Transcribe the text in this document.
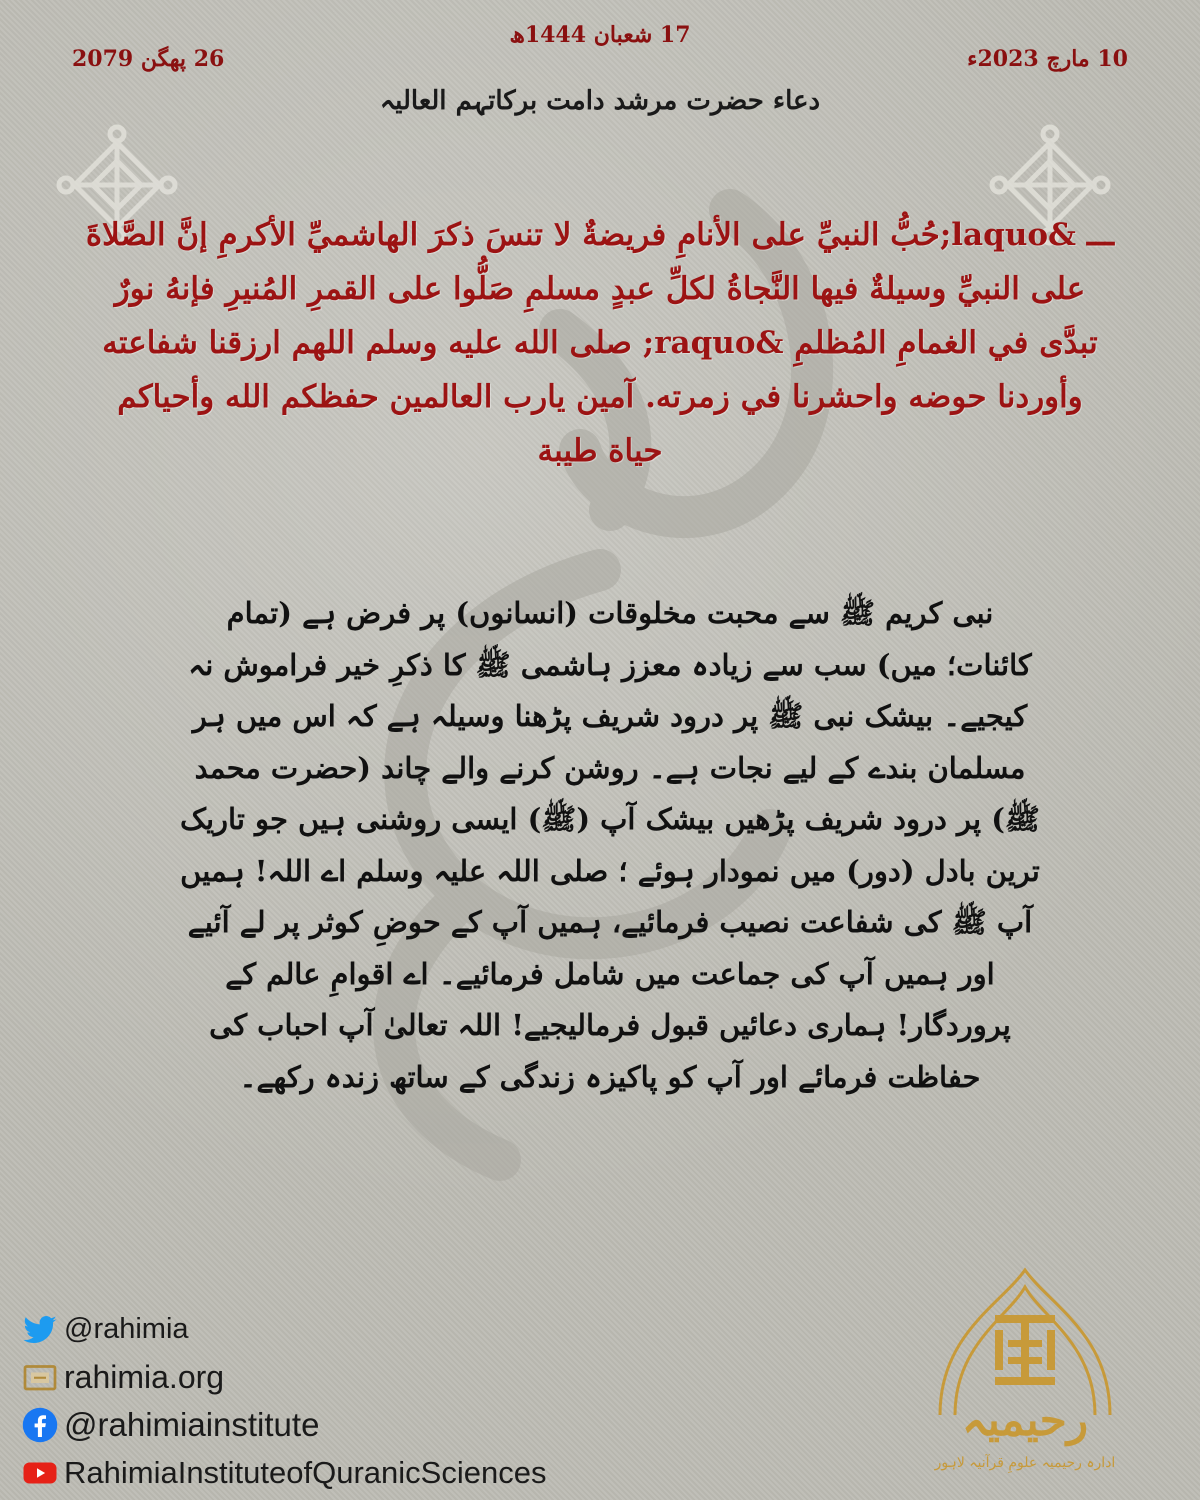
17 شعبان 1444ھ
10 مارچ 2023ء
26 پھگن 2079
دعاء حضرت مرشد دامت برکاتہم العالیہ
ـــ &laquo;حُبُّ النبيِّ على الأنامِ فريضةٌ لا تنسَ ذكرَ الهاشميِّ الأكرمِ إنَّ الصَّلاةَ على النبيِّ وسيلةٌ فيها النَّجاةُ لكلِّ عبدٍ مسلمِ صَلُّوا على القمرِ المُنيرِ فإنهُ نورٌ تبدَّى في الغمامِ المُظلمِ &raquo; صلى الله عليه وسلم اللهم ارزقنا شفاعته وأوردنا حوضه واحشرنا في زمرته. آمين يارب العالمين حفظكم الله وأحياكم حياة طيبة
نبی کریم ﷺ سے محبت مخلوقات (انسانوں) پر فرض ہے (تمام کائنات؛ میں) سب سے زیادہ معزز ہاشمی ﷺ کا ذکرِ خیر فراموش نہ کیجیے۔ بیشک نبی ﷺ پر درود شریف پڑھنا وسیلہ ہے کہ اس میں ہر مسلمان بندے کے لیے نجات ہے۔ روشن کرنے والے چاند (حضرت محمد ﷺ) پر درود شریف پڑھیں بیشک آپ (ﷺ) ایسی روشنی ہیں جو تاریک ترین بادل (دور) میں نمودار ہوئے ؛ صلی اللہ علیہ وسلم اے اللہ! ہمیں آپ ﷺ کی شفاعت نصیب فرمائیے، ہمیں آپ کے حوضِ کوثر پر لے آئیے اور ہمیں آپ کی جماعت میں شامل فرمائیے۔ اے اقوامِ عالم کے پروردگار! ہماری دعائیں قبول فرمالیجیے! اللہ تعالیٰ آپ احباب کی حفاظت فرمائے اور آپ کو پاکیزہ زندگی کے ساتھ زندہ رکھے۔
@rahimia
rahimia.org
@rahimiainstitute
RahimiaInstituteofQuranicSciences
رحیمیہ
ادارہ رحیمیہ علومِ قرآنیہ لاہور
